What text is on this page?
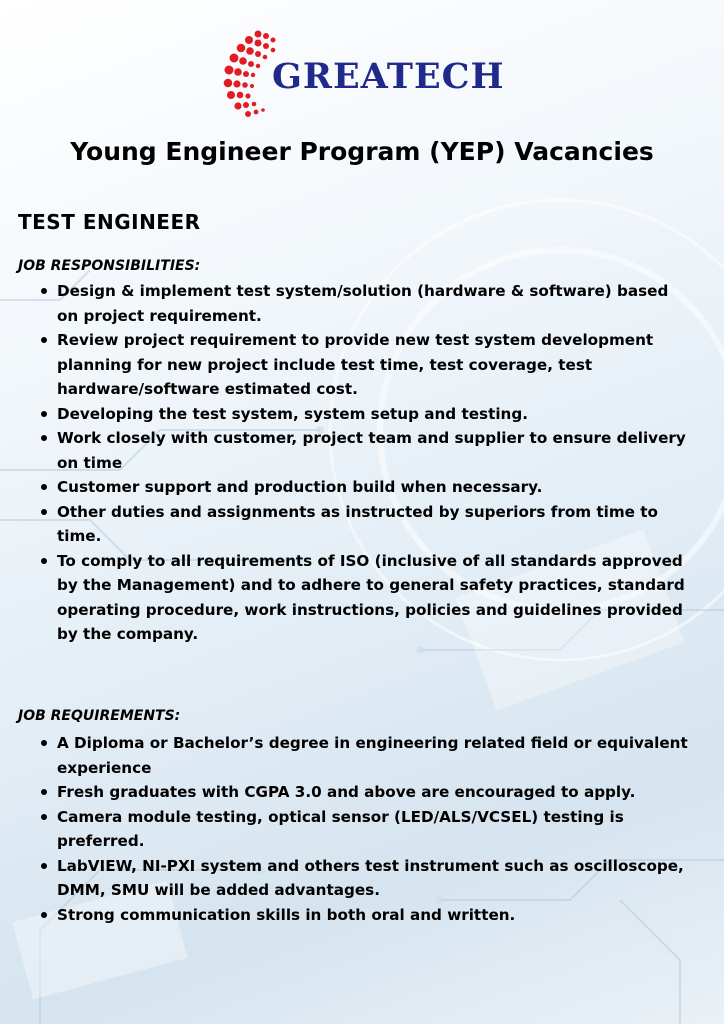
GREATECH
Young Engineer Program (YEP) Vacancies
TEST ENGINEER
JOB RESPONSIBILITIES:
Design & implement test system/solution (hardware & software) based on project requirement.
Review project requirement to provide new test system development planning for new project include test time, test coverage, test hardware/software estimated cost.
Developing the test system, system setup and testing.
Work closely with customer, project team and supplier to ensure delivery on time
Customer support and production build when necessary.
Other duties and assignments as instructed by superiors from time to time.
To comply to all requirements of ISO (inclusive of all standards approved by the Management) and to adhere to general safety practices, standard operating procedure, work instructions, policies and guidelines provided by the company.
JOB REQUIREMENTS:
A Diploma or Bachelor’s degree in engineering related field or equivalent experience
Fresh graduates with CGPA 3.0 and above are encouraged to apply.
Camera module testing, optical sensor (LED/ALS/VCSEL) testing is preferred.
LabVIEW, NI-PXI system and others test instrument such as oscilloscope, DMM, SMU will be added advantages.
Strong communication skills in both oral and written.
